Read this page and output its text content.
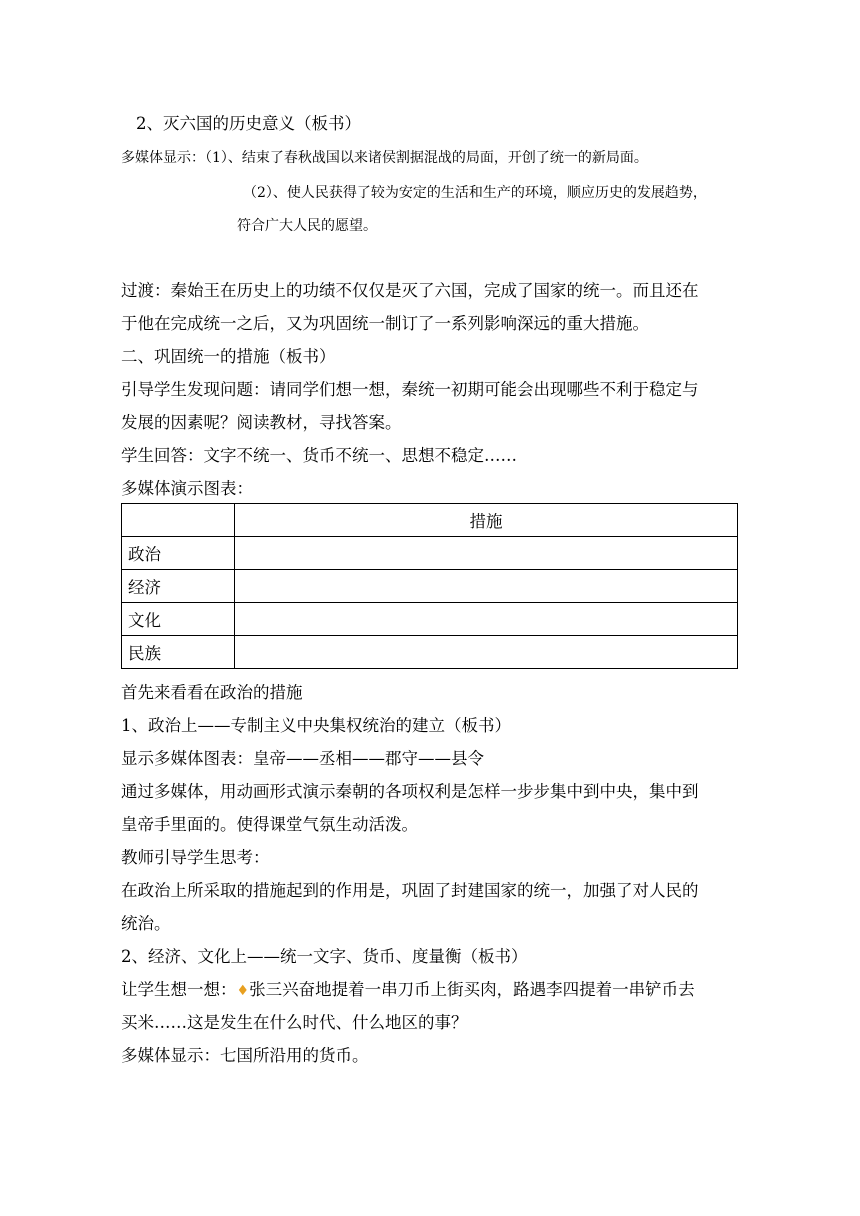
2、灭六国的历史意义（板书）
多媒体显示：（1）、结束了春秋战国以来诸侯割据混战的局面，开创了统一的新局面。
（2）、使人民获得了较为安定的生活和生产的环境，顺应历史的发展趋势，
符合广大人民的愿望。
过渡：秦始王在历史上的功绩不仅仅是灭了六国，完成了国家的统一。而且还在
于他在完成统一之后，又为巩固统一制订了一系列影响深远的重大措施。
二、巩固统一的措施（板书）
引导学生发现问题：请同学们想一想，秦统一初期可能会出现哪些不利于稳定与
发展的因素呢？阅读教材，寻找答案。
学生回答：文字不统一、货币不统一、思想不稳定……
多媒体演示图表：
	措施
政治	
经济	
文化	
民族	
首先来看看在政治的措施
1、政治上——专制主义中央集权统治的建立（板书）
显示多媒体图表：皇帝——丞相——郡守——县令
通过多媒体，用动画形式演示秦朝的各项权利是怎样一步步集中到中央，集中到
皇帝手里面的。使得课堂气氛生动活泼。
教师引导学生思考：
在政治上所采取的措施起到的作用是，巩固了封建国家的统一，加强了对人民的
统治。
2、经济、文化上——统一文字、货币、度量衡（板书）
让学生想一想：♦张三兴奋地提着一串刀币上街买肉，路遇李四提着一串铲币去
买米……这是发生在什么时代、什么地区的事？
多媒体显示：七国所沿用的货币。
